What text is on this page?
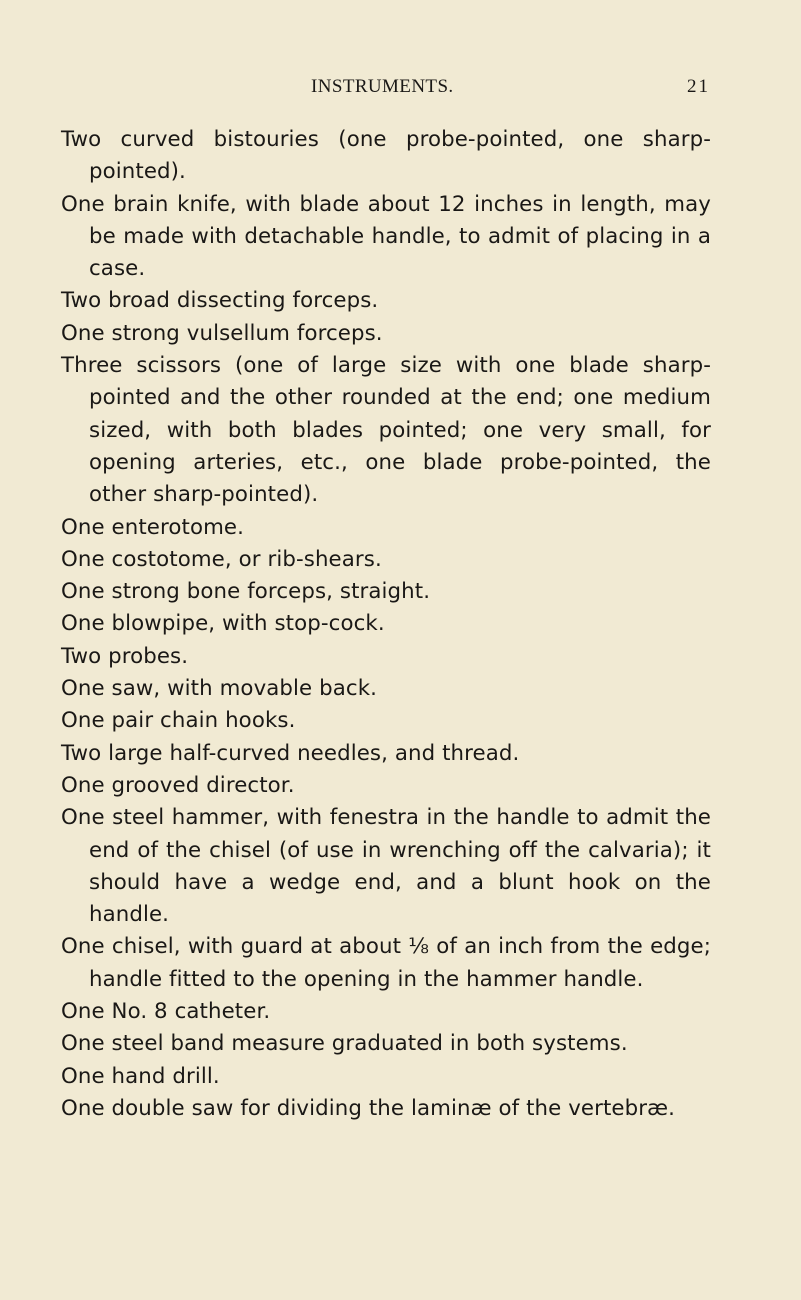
INSTRUMENTS.	21
Two curved bistouries (one probe-pointed, one sharp-pointed).
One brain knife, with blade about 12 inches in length, may be made with detachable handle, to admit of placing in a case.
Two broad dissecting forceps.
One strong vulsellum forceps.
Three scissors (one of large size with one blade sharp-pointed and the other rounded at the end; one medium sized, with both blades pointed; one very small, for opening arteries, etc., one blade probe-pointed, the other sharp-pointed).
One enterotome.
One costotome, or rib-shears.
One strong bone forceps, straight.
One blowpipe, with stop-cock.
Two probes.
One saw, with movable back.
One pair chain hooks.
Two large half-curved needles, and thread.
One grooved director.
One steel hammer, with fenestra in the handle to admit the end of the chisel (of use in wrenching off the calvaria); it should have a wedge end, and a blunt hook on the handle.
One chisel, with guard at about ⅛ of an inch from the edge; handle fitted to the opening in the hammer handle.
One No. 8 catheter.
One steel band measure graduated in both systems.
One hand drill.
One double saw for dividing the laminæ of the vertebræ.
